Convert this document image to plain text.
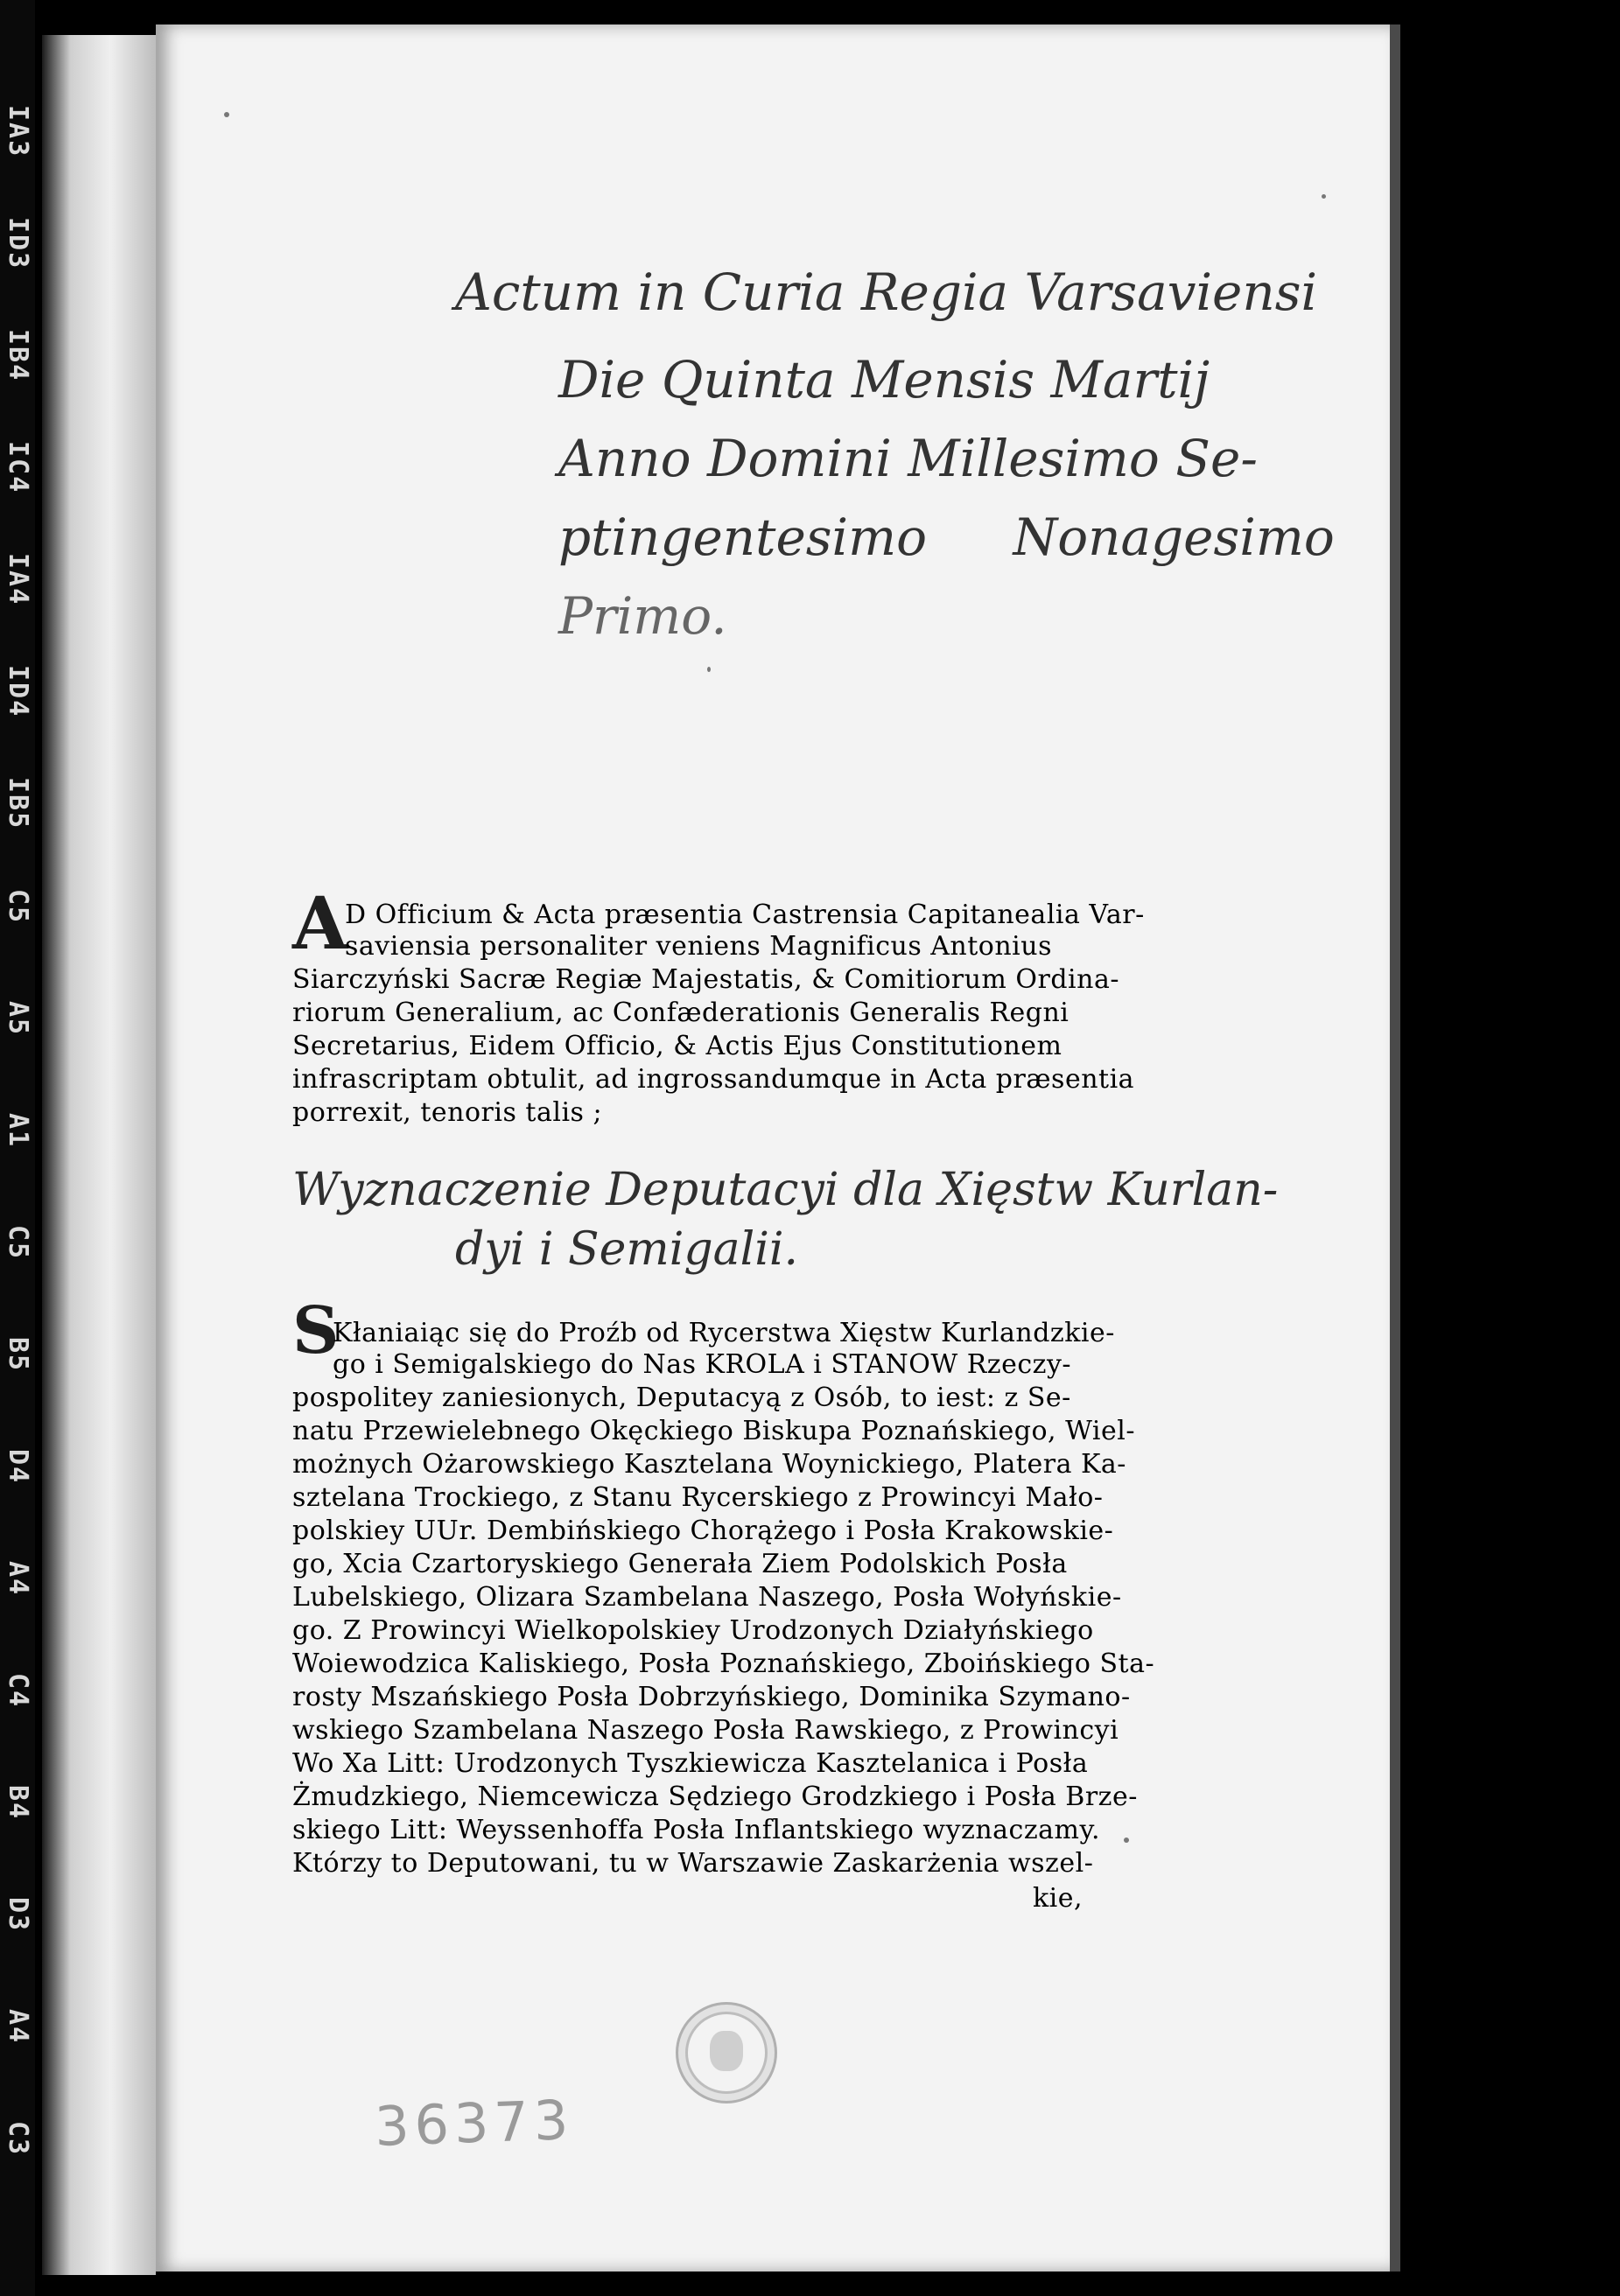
Actum in Curia Regia Varsaviensi
Die Quinta Mensis Martij
Anno Domini Millesimo Se-
ptingentesimo Nonagesimo
Primo.
A
D Officium & Acta præsentia Castrensia Capitanealia Var-
saviensia personaliter veniens Magnificus Antonius
Siarczyński Sacræ Regiæ Majestatis, & Comitiorum Ordina-
riorum Generalium, ac Confæderationis Generalis Regni
Secretarius, Eidem Officio, & Actis Ejus Constitutionem
infrascriptam obtulit, ad ingrossandumque in Acta præsentia
porrexit, tenoris talis ;
Wyznaczenie Deputacyi dla Xięstw Kurlan-
dyi i Semigalii.
S
Kłaniaiąc się do Proźb od Rycerstwa Xięstw Kurlandzkie-
go i Semigalskiego do Nas KROLA i STANOW Rzeczy-
pospolitey zaniesionych, Deputacyą z Osób, to iest: z Se-
natu Przewielebnego Okęckiego Biskupa Poznańskiego, Wiel-
możnych Ożarowskiego Kasztelana Woynickiego, Platera Ka-
sztelana Trockiego, z Stanu Rycerskiego z Prowincyi Mało-
polskiey UUr. Dembińskiego Chorążego i Posła Krakowskie-
go, Xcia Czartoryskiego Generała Ziem Podolskich Posła
Lubelskiego, Olizara Szambelana Naszego, Posła Wołyńskie-
go. Z Prowincyi Wielkopolskiey Urodzonych Działyńskiego
Woiewodzica Kaliskiego, Posła Poznańskiego, Zboińskiego Sta-
rosty Mszańskiego Posła Dobrzyńskiego, Dominika Szymano-
wskiego Szambelana Naszego Posła Rawskiego, z Prowincyi
Wo Xa Litt: Urodzonych Tyszkiewicza Kasztelanica i Posła
Żmudzkiego, Niemcewicza Sędziego Grodzkiego i Posła Brze-
skiego Litt: Weyssenhoffa Posła Inflantskiego wyznaczamy.
Którzy to Deputowani, tu w Warszawie Zaskarżenia wszel-
kie,
36373
IA3
ID3
IB4
IC4
IA4
ID4
IB5
C5
A5
A1
C5
B5
D4
A4
C4
B4
D3
A4
C3
